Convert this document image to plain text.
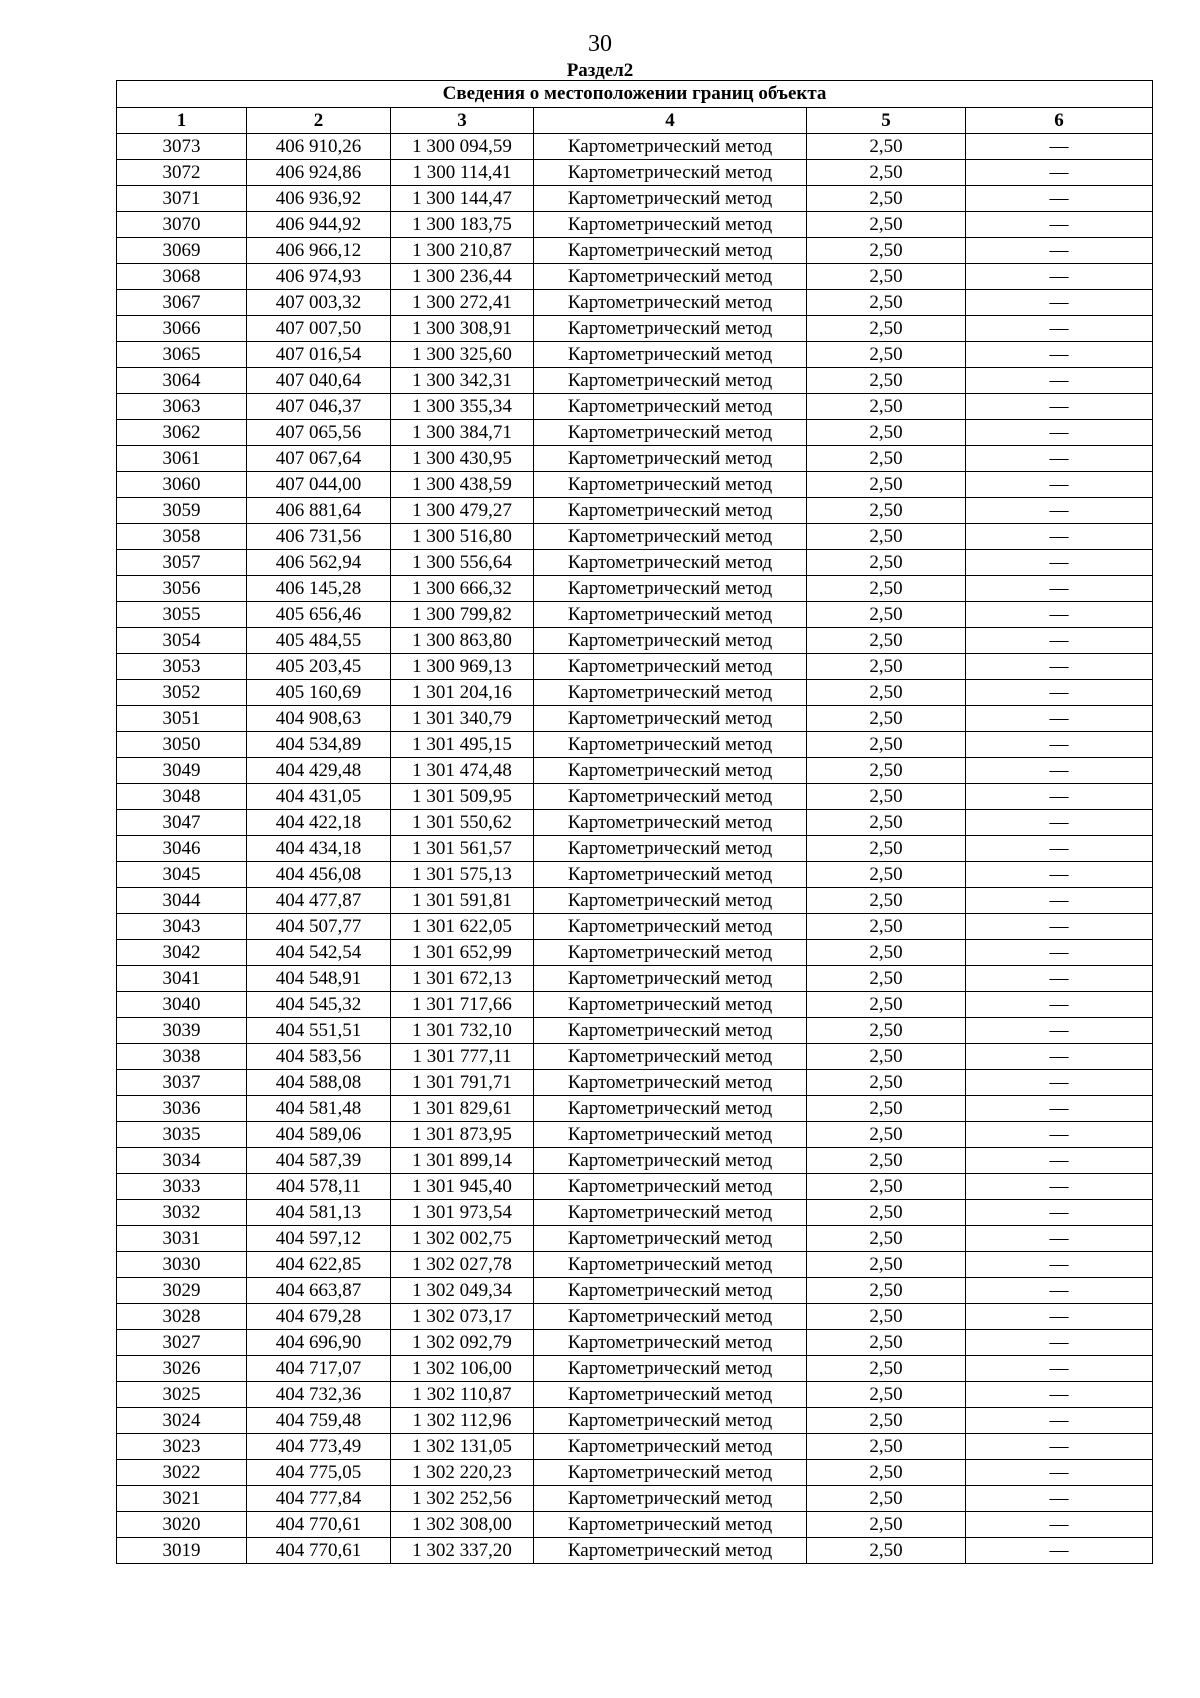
30
Раздел2
Сведения о местоположении границ объекта					
1	2	3	4	5	6
3073	406 910,26	1 300 094,59	Картометрический метод	2,50	—
3072	406 924,86	1 300 114,41	Картометрический метод	2,50	—
3071	406 936,92	1 300 144,47	Картометрический метод	2,50	—
3070	406 944,92	1 300 183,75	Картометрический метод	2,50	—
3069	406 966,12	1 300 210,87	Картометрический метод	2,50	—
3068	406 974,93	1 300 236,44	Картометрический метод	2,50	—
3067	407 003,32	1 300 272,41	Картометрический метод	2,50	—
3066	407 007,50	1 300 308,91	Картометрический метод	2,50	—
3065	407 016,54	1 300 325,60	Картометрический метод	2,50	—
3064	407 040,64	1 300 342,31	Картометрический метод	2,50	—
3063	407 046,37	1 300 355,34	Картометрический метод	2,50	—
3062	407 065,56	1 300 384,71	Картометрический метод	2,50	—
3061	407 067,64	1 300 430,95	Картометрический метод	2,50	—
3060	407 044,00	1 300 438,59	Картометрический метод	2,50	—
3059	406 881,64	1 300 479,27	Картометрический метод	2,50	—
3058	406 731,56	1 300 516,80	Картометрический метод	2,50	—
3057	406 562,94	1 300 556,64	Картометрический метод	2,50	—
3056	406 145,28	1 300 666,32	Картометрический метод	2,50	—
3055	405 656,46	1 300 799,82	Картометрический метод	2,50	—
3054	405 484,55	1 300 863,80	Картометрический метод	2,50	—
3053	405 203,45	1 300 969,13	Картометрический метод	2,50	—
3052	405 160,69	1 301 204,16	Картометрический метод	2,50	—
3051	404 908,63	1 301 340,79	Картометрический метод	2,50	—
3050	404 534,89	1 301 495,15	Картометрический метод	2,50	—
3049	404 429,48	1 301 474,48	Картометрический метод	2,50	—
3048	404 431,05	1 301 509,95	Картометрический метод	2,50	—
3047	404 422,18	1 301 550,62	Картометрический метод	2,50	—
3046	404 434,18	1 301 561,57	Картометрический метод	2,50	—
3045	404 456,08	1 301 575,13	Картометрический метод	2,50	—
3044	404 477,87	1 301 591,81	Картометрический метод	2,50	—
3043	404 507,77	1 301 622,05	Картометрический метод	2,50	—
3042	404 542,54	1 301 652,99	Картометрический метод	2,50	—
3041	404 548,91	1 301 672,13	Картометрический метод	2,50	—
3040	404 545,32	1 301 717,66	Картометрический метод	2,50	—
3039	404 551,51	1 301 732,10	Картометрический метод	2,50	—
3038	404 583,56	1 301 777,11	Картометрический метод	2,50	—
3037	404 588,08	1 301 791,71	Картометрический метод	2,50	—
3036	404 581,48	1 301 829,61	Картометрический метод	2,50	—
3035	404 589,06	1 301 873,95	Картометрический метод	2,50	—
3034	404 587,39	1 301 899,14	Картометрический метод	2,50	—
3033	404 578,11	1 301 945,40	Картометрический метод	2,50	—
3032	404 581,13	1 301 973,54	Картометрический метод	2,50	—
3031	404 597,12	1 302 002,75	Картометрический метод	2,50	—
3030	404 622,85	1 302 027,78	Картометрический метод	2,50	—
3029	404 663,87	1 302 049,34	Картометрический метод	2,50	—
3028	404 679,28	1 302 073,17	Картометрический метод	2,50	—
3027	404 696,90	1 302 092,79	Картометрический метод	2,50	—
3026	404 717,07	1 302 106,00	Картометрический метод	2,50	—
3025	404 732,36	1 302 110,87	Картометрический метод	2,50	—
3024	404 759,48	1 302 112,96	Картометрический метод	2,50	—
3023	404 773,49	1 302 131,05	Картометрический метод	2,50	—
3022	404 775,05	1 302 220,23	Картометрический метод	2,50	—
3021	404 777,84	1 302 252,56	Картометрический метод	2,50	—
3020	404 770,61	1 302 308,00	Картометрический метод	2,50	—
3019	404 770,61	1 302 337,20	Картометрический метод	2,50	—
